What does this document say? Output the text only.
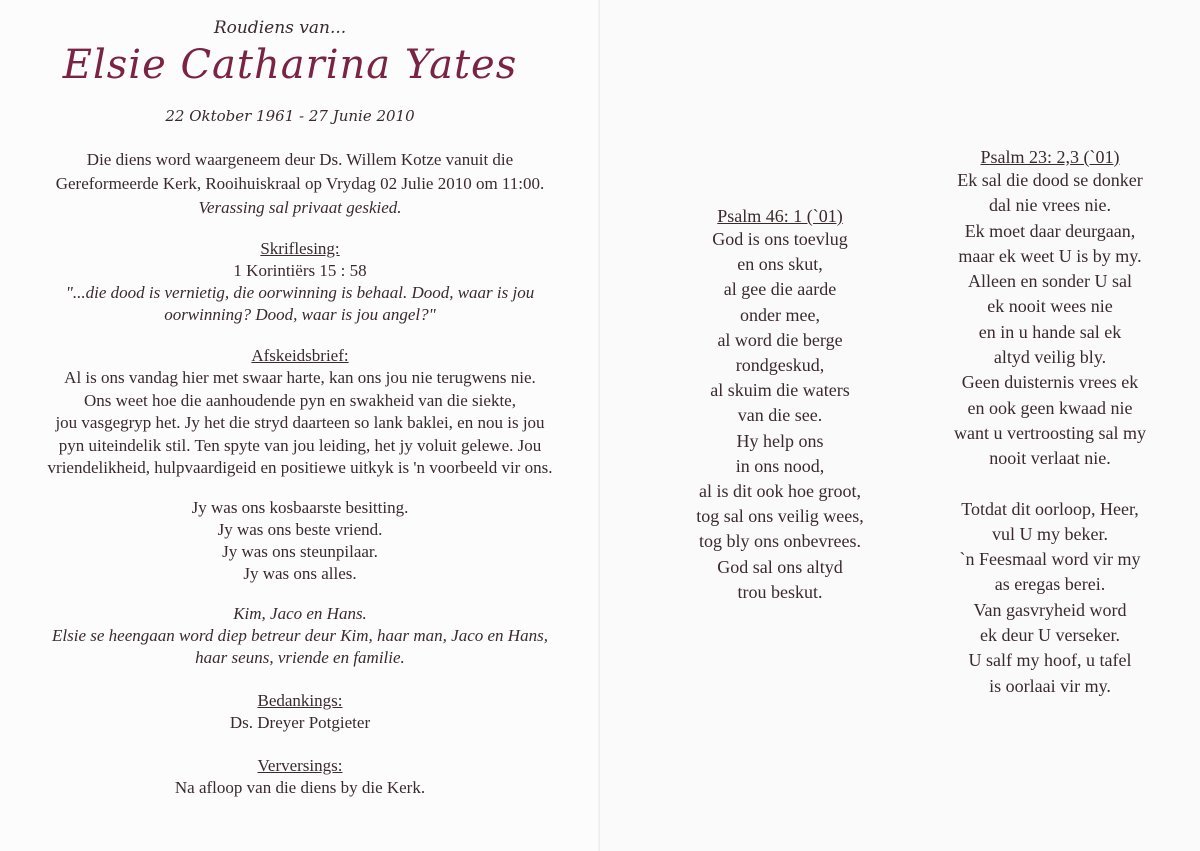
Roudiens van...
Elsie Catharina Yates
22 Oktober 1961 - 27 Junie 2010
Die diens word waargeneem deur Ds. Willem Kotze vanuit die
Gereformeerde Kerk, Rooihuiskraal op Vrydag 02 Julie 2010 om 11:00.
Verassing sal privaat geskied.
Skriflesing:
1 Korintiërs 15 : 58
"...die dood is vernietig, die oorwinning is behaal. Dood, waar is jou
oorwinning? Dood, waar is jou angel?"
Afskeidsbrief:
Al is ons vandag hier met swaar harte, kan ons jou nie terugwens nie.
Ons weet hoe die aanhoudende pyn en swakheid van die siekte,
jou vasgegryp het. Jy het die stryd daarteen so lank baklei, en nou is jou
pyn uiteindelik stil. Ten spyte van jou leiding, het jy voluit gelewe. Jou
vriendelikheid, hulpvaardigeid en positiewe uitkyk is 'n voorbeeld vir ons.
Jy was ons kosbaarste besitting.
Jy was ons beste vriend.
Jy was ons steunpilaar.
Jy was ons alles.
Kim, Jaco en Hans.
Elsie se heengaan word diep betreur deur Kim, haar man, Jaco en Hans,
haar seuns, vriende en familie.
Bedankings:
Ds. Dreyer Potgieter
Verversings:
Na afloop van die diens by die Kerk.
Psalm 46: 1 (`01)
God is ons toevlug
en ons skut,
al gee die aarde
onder mee,
al word die berge
rondgeskud,
al skuim die waters
van die see.
Hy help ons
in ons nood,
al is dit ook hoe groot,
tog sal ons veilig wees,
tog bly ons onbevrees.
God sal ons altyd
trou beskut.
Psalm 23: 2,3 (`01)
Ek sal die dood se donker
dal nie vrees nie.
Ek moet daar deurgaan,
maar ek weet U is by my.
Alleen en sonder U sal
ek nooit wees nie
en in u hande sal ek
altyd veilig bly.
Geen duisternis vrees ek
en ook geen kwaad nie
want u vertroosting sal my
nooit verlaat nie.
Totdat dit oorloop, Heer,
vul U my beker.
`n Feesmaal word vir my
as eregas berei.
Van gasvryheid word
ek deur U verseker.
U salf my hoof, u tafel
is oorlaai vir my.
